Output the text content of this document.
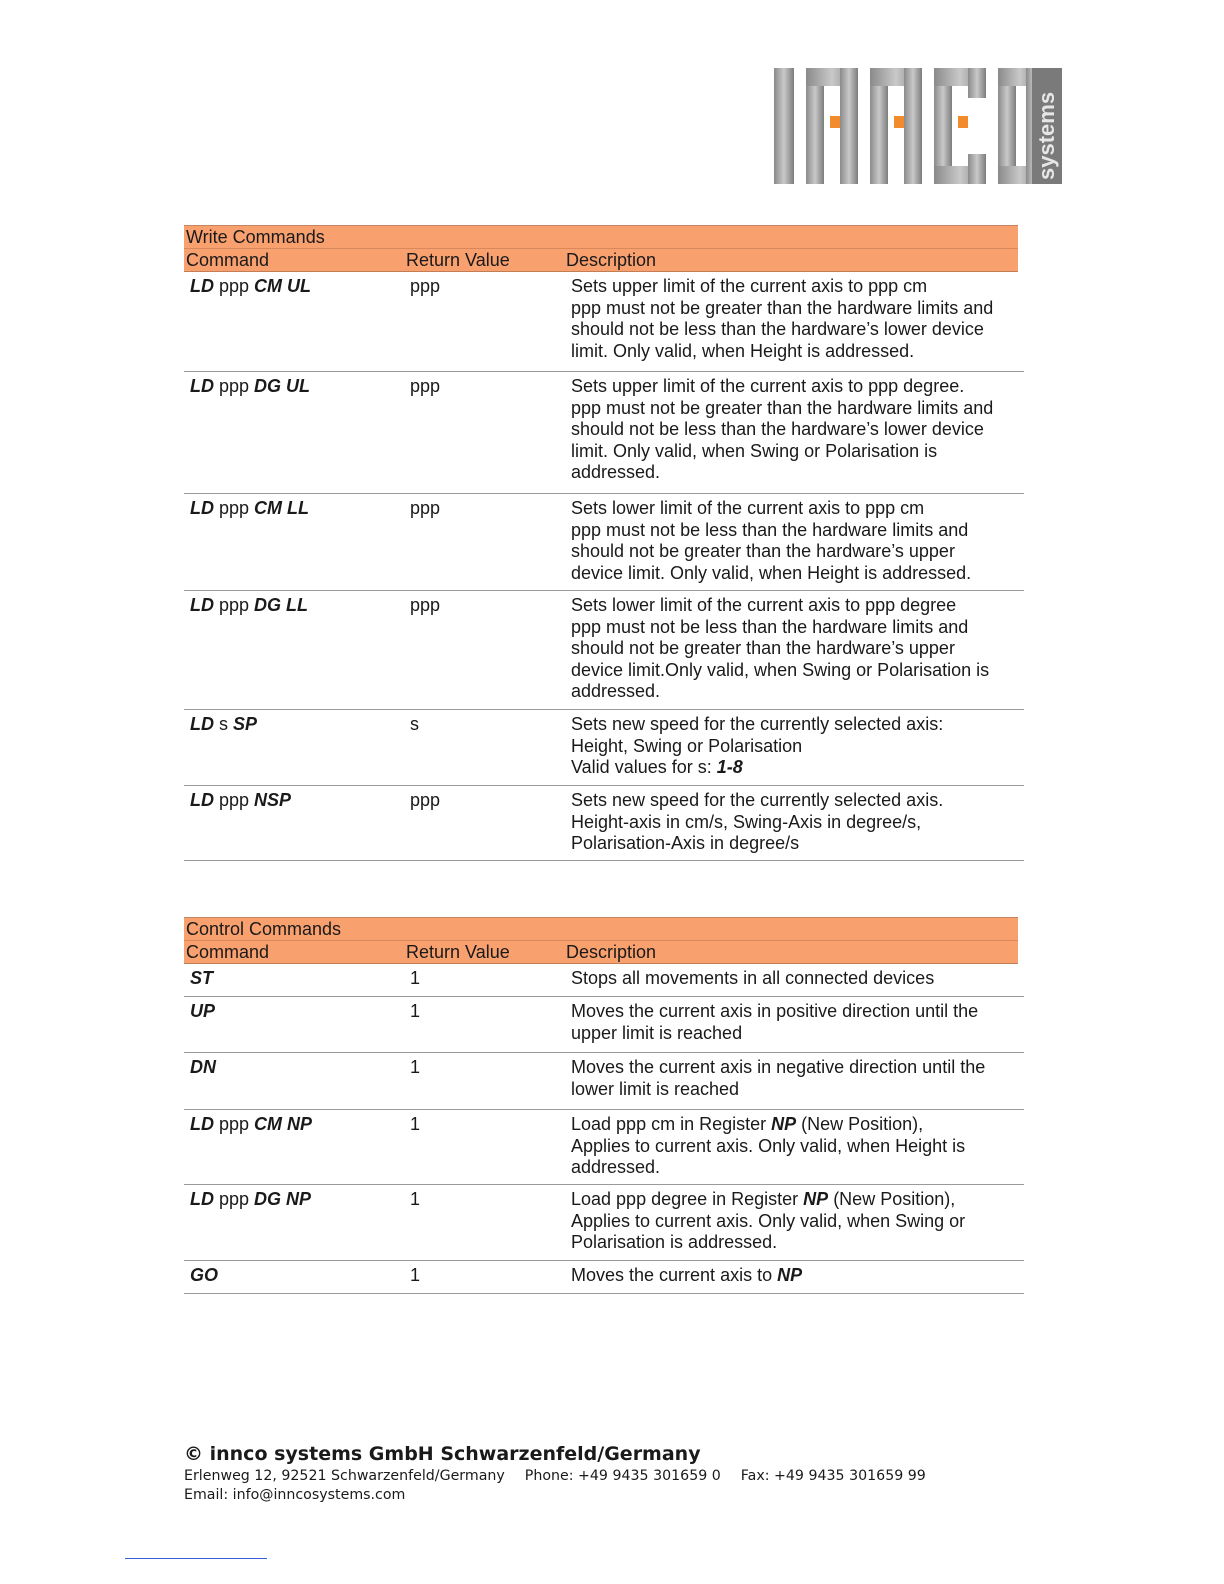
systems
Write Commands
Command	Return Value	Description
LD ppp CM UL	ppp	Sets upper limit of the current axis to ppp cm

ppp must not be greater than the hardware limits and

should not be less than the hardware’s lower device

limit. Only valid, when Height is addressed.

LD ppp DG UL	ppp	Sets upper limit of the current axis to ppp degree.

ppp must not be greater than the hardware limits and

should not be less than the hardware’s lower device

limit. Only valid, when Swing or Polarisation is

addressed.

LD ppp CM LL	ppp	Sets lower limit of the current axis to ppp cm

ppp must not be less than the hardware limits and

should not be greater than the hardware’s upper

device limit. Only valid, when Height is addressed.

LD ppp DG LL	ppp	Sets lower limit of the current axis to ppp degree

ppp must not be less than the hardware limits and

should not be greater than the hardware’s upper

device limit.Only valid, when Swing or Polarisation is

addressed.

LD s SP	s	Sets new speed for the currently selected axis:

Height, Swing or Polarisation

Valid values for s: 1-8

LD ppp NSP	ppp	Sets new speed for the currently selected axis.

Height-axis in cm/s, Swing-Axis in degree/s,

Polarisation-Axis in degree/s

Control Commands
Command	Return Value	Description
ST	1	Stops all movements in all connected devices

UP	1	Moves the current axis in positive direction until the

upper limit is reached

DN	1	Moves the current axis in negative direction until the

lower limit is reached

LD ppp CM NP	1	Load ppp cm in Register NP (New Position),

Applies to current axis. Only valid, when Height is

addressed.

LD ppp DG NP	1	Load ppp degree in Register NP (New Position),

Applies to current axis. Only valid, when Swing or

Polarisation is addressed.

GO	1	Moves the current axis to NP

© innco systems GmbH Schwarzenfeld/Germany
Erlenweg 12, 92521 Schwarzenfeld/Germany Phone: +49 9435 301659 0 Fax: +49 9435 301659 99
Email: info@inncosystems.com
